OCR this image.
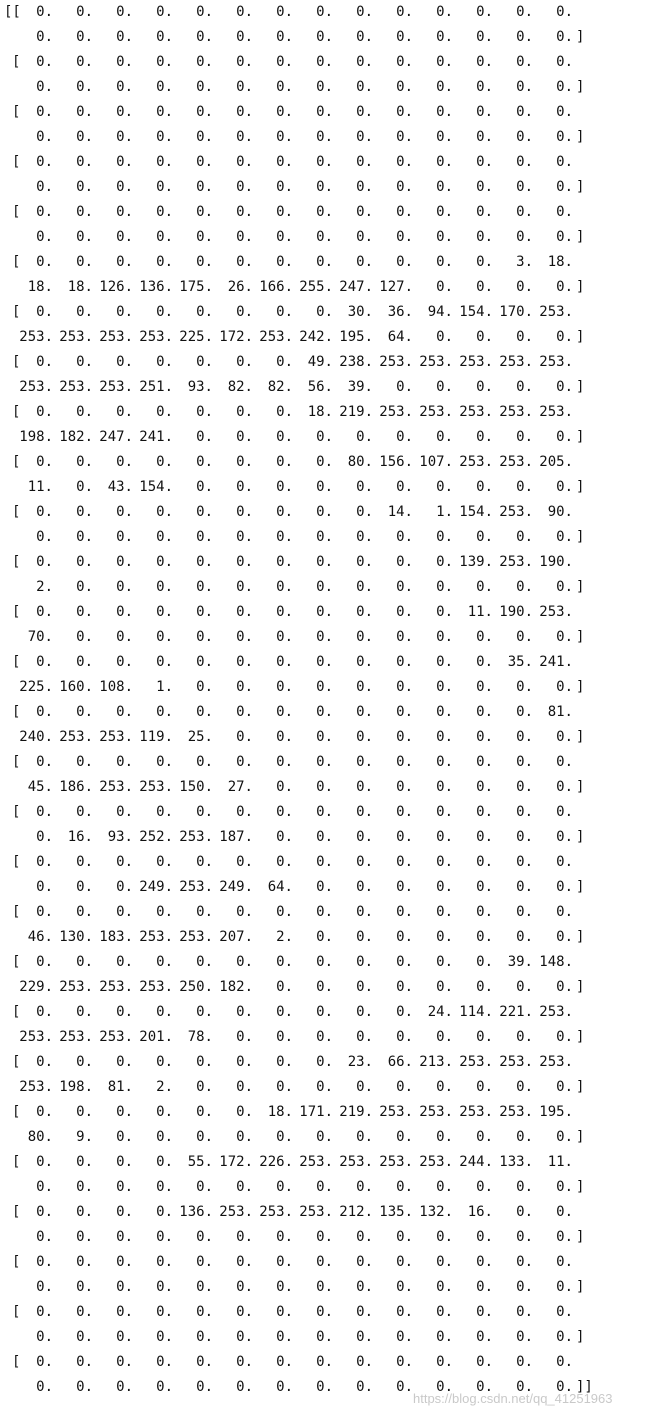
[[ 0. 0. 0. 0. 0. 0. 0. 0. 0. 0. 0. 0. 0. 0.
0. 0. 0. 0. 0. 0. 0. 0. 0. 0. 0. 0. 0. 0. ]
[ 0. 0. 0. 0. 0. 0. 0. 0. 0. 0. 0. 0. 0. 0.
0. 0. 0. 0. 0. 0. 0. 0. 0. 0. 0. 0. 0. 0. ]
[ 0. 0. 0. 0. 0. 0. 0. 0. 0. 0. 0. 0. 0. 0.
0. 0. 0. 0. 0. 0. 0. 0. 0. 0. 0. 0. 0. 0. ]
[ 0. 0. 0. 0. 0. 0. 0. 0. 0. 0. 0. 0. 0. 0.
0. 0. 0. 0. 0. 0. 0. 0. 0. 0. 0. 0. 0. 0. ]
[ 0. 0. 0. 0. 0. 0. 0. 0. 0. 0. 0. 0. 0. 0.
0. 0. 0. 0. 0. 0. 0. 0. 0. 0. 0. 0. 0. 0. ]
[ 0. 0. 0. 0. 0. 0. 0. 0. 0. 0. 0. 0. 3. 18.
18. 18. 126. 136. 175. 26. 166. 255. 247. 127. 0. 0. 0. 0. ]
[ 0. 0. 0. 0. 0. 0. 0. 0. 30. 36. 94. 154. 170. 253.
253. 253. 253. 253. 225. 172. 253. 242. 195. 64. 0. 0. 0. 0. ]
[ 0. 0. 0. 0. 0. 0. 0. 49. 238. 253. 253. 253. 253. 253.
253. 253. 253. 251. 93. 82. 82. 56. 39. 0. 0. 0. 0. 0. ]
[ 0. 0. 0. 0. 0. 0. 0. 18. 219. 253. 253. 253. 253. 253.
198. 182. 247. 241. 0. 0. 0. 0. 0. 0. 0. 0. 0. 0. ]
[ 0. 0. 0. 0. 0. 0. 0. 0. 80. 156. 107. 253. 253. 205.
11. 0. 43. 154. 0. 0. 0. 0. 0. 0. 0. 0. 0. 0. ]
[ 0. 0. 0. 0. 0. 0. 0. 0. 0. 14. 1. 154. 253. 90.
0. 0. 0. 0. 0. 0. 0. 0. 0. 0. 0. 0. 0. 0. ]
[ 0. 0. 0. 0. 0. 0. 0. 0. 0. 0. 0. 139. 253. 190.
2. 0. 0. 0. 0. 0. 0. 0. 0. 0. 0. 0. 0. 0. ]
[ 0. 0. 0. 0. 0. 0. 0. 0. 0. 0. 0. 11. 190. 253.
70. 0. 0. 0. 0. 0. 0. 0. 0. 0. 0. 0. 0. 0. ]
[ 0. 0. 0. 0. 0. 0. 0. 0. 0. 0. 0. 0. 35. 241.
225. 160. 108. 1. 0. 0. 0. 0. 0. 0. 0. 0. 0. 0. ]
[ 0. 0. 0. 0. 0. 0. 0. 0. 0. 0. 0. 0. 0. 81.
240. 253. 253. 119. 25. 0. 0. 0. 0. 0. 0. 0. 0. 0. ]
[ 0. 0. 0. 0. 0. 0. 0. 0. 0. 0. 0. 0. 0. 0.
45. 186. 253. 253. 150. 27. 0. 0. 0. 0. 0. 0. 0. 0. ]
[ 0. 0. 0. 0. 0. 0. 0. 0. 0. 0. 0. 0. 0. 0.
0. 16. 93. 252. 253. 187. 0. 0. 0. 0. 0. 0. 0. 0. ]
[ 0. 0. 0. 0. 0. 0. 0. 0. 0. 0. 0. 0. 0. 0.
0. 0. 0. 249. 253. 249. 64. 0. 0. 0. 0. 0. 0. 0. ]
[ 0. 0. 0. 0. 0. 0. 0. 0. 0. 0. 0. 0. 0. 0.
46. 130. 183. 253. 253. 207. 2. 0. 0. 0. 0. 0. 0. 0. ]
[ 0. 0. 0. 0. 0. 0. 0. 0. 0. 0. 0. 0. 39. 148.
229. 253. 253. 253. 250. 182. 0. 0. 0. 0. 0. 0. 0. 0. ]
[ 0. 0. 0. 0. 0. 0. 0. 0. 0. 0. 24. 114. 221. 253.
253. 253. 253. 201. 78. 0. 0. 0. 0. 0. 0. 0. 0. 0. ]
[ 0. 0. 0. 0. 0. 0. 0. 0. 23. 66. 213. 253. 253. 253.
253. 198. 81. 2. 0. 0. 0. 0. 0. 0. 0. 0. 0. 0. ]
[ 0. 0. 0. 0. 0. 0. 18. 171. 219. 253. 253. 253. 253. 195.
80. 9. 0. 0. 0. 0. 0. 0. 0. 0. 0. 0. 0. 0. ]
[ 0. 0. 0. 0. 55. 172. 226. 253. 253. 253. 253. 244. 133. 11.
0. 0. 0. 0. 0. 0. 0. 0. 0. 0. 0. 0. 0. 0. ]
[ 0. 0. 0. 0. 136. 253. 253. 253. 212. 135. 132. 16. 0. 0.
0. 0. 0. 0. 0. 0. 0. 0. 0. 0. 0. 0. 0. 0. ]
[ 0. 0. 0. 0. 0. 0. 0. 0. 0. 0. 0. 0. 0. 0.
0. 0. 0. 0. 0. 0. 0. 0. 0. 0. 0. 0. 0. 0. ]
[ 0. 0. 0. 0. 0. 0. 0. 0. 0. 0. 0. 0. 0. 0.
0. 0. 0. 0. 0. 0. 0. 0. 0. 0. 0. 0. 0. 0. ]
[ 0. 0. 0. 0. 0. 0. 0. 0. 0. 0. 0. 0. 0. 0.
0. 0. 0. 0. 0. 0. 0. 0. 0. 0. 0. 0. 0. 0. ]]
https://blog.csdn.net/qq_41251963
